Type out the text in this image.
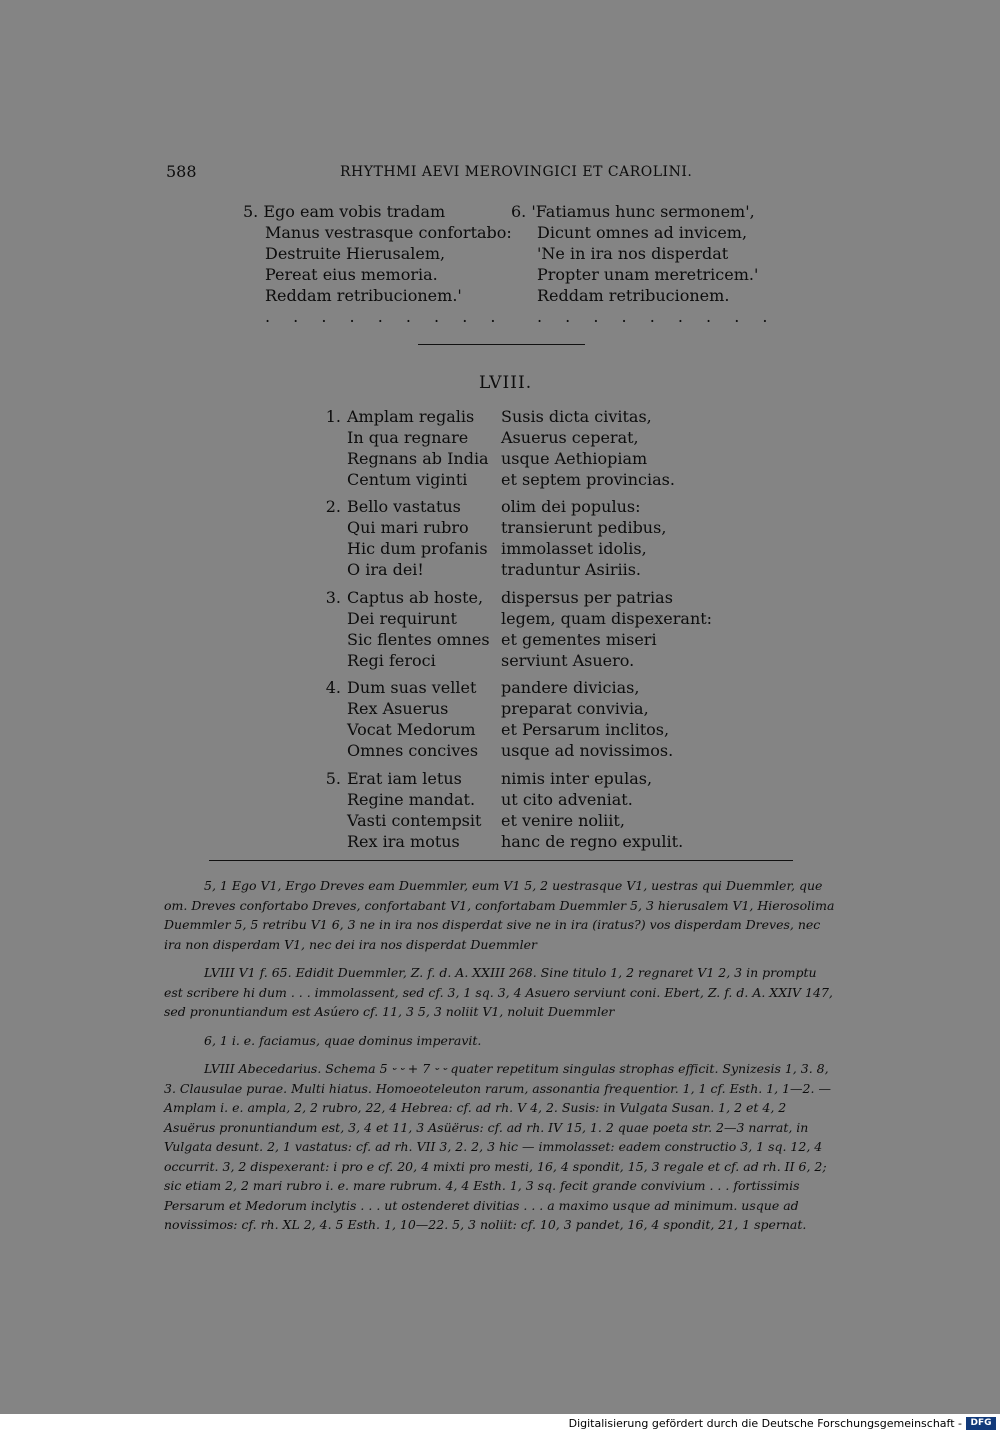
588	RHYTHMI AEVI MEROVINGICI ET CAROLINI.
5. Ego eam vobis tradam
Manus vestrasque confortabo:
Destruite Hierusalem,
Pereat eius memoria.
Reddam retribucionem.'
. . . . . . . . .
6. 'Fatiamus hunc sermonem',
Dicunt omnes ad invicem,
'Ne in ira nos disperdat
Propter unam meretricem.'
Reddam retribucionem.
. . . . . . . . .
LVIII.
1. Amplam regalis
In qua regnare
Regnans ab India
Centum viginti
Susis dicta civitas,
Asuerus ceperat,
usque Aethiopiam
et septem provincias.
2. Bello vastatus
Qui mari rubro
Hic dum profanis
O ira dei!
olim dei populus:
transierunt pedibus,
immolasset idolis,
traduntur Asiriis.
3. Captus ab hoste,
Dei requirunt
Sic flentes omnes
Regi feroci
dispersus per patrias
legem, quam dispexerant:
et gementes miseri
serviunt Asuero.
4. Dum suas vellet
Rex Asuerus
Vocat Medorum
Omnes concives
pandere divicias,
preparat convivia,
et Persarum inclitos,
usque ad novissimos.
5. Erat iam letus
Regine mandat.
Vasti contempsit
Rex ira motus
nimis inter epulas,
ut cito adveniat.
et venire noliit,
hanc de regno expulit.

5, 1 Ego V1, Ergo Dreves eam Duemmler, eum V1 5, 2 uestrasque V1, uestras qui Duemmler, que om. Dreves confortabo Dreves, confortabant V1, confortabam Duemmler 5, 3 hierusalem V1, Hierosolima Duemmler 5, 5 retribu V1 6, 3 ne in ira nos disperdat sive ne in ira (iratus?) vos disperdam Dreves, nec ira non disperdam V1, nec dei ira nos disperdat Duemmler

LVIII V1 f. 65. Edidit Duemmler, Z. f. d. A. XXIII 268. Sine titulo 1, 2 regnaret V1 2, 3 in promptu est scribere hi dum . . . immolassent, sed cf. 3, 1 sq. 3, 4 Asuero serviunt coni. Ebert, Z. f. d. A. XXIV 147, sed pronuntiandum est Asúero cf. 11, 3 5, 3 noliit V1, noluit Duemmler

6, 1 i. e. faciamus, quae dominus imperavit.

LVIII Abecedarius. Schema 5 ⏑ ⏑ + 7 ⏑ ⏑ quater repetitum singulas strophas efficit. Synizesis 1, 3. 8, 3. Clausulae purae. Multi hiatus. Homoeoteleuton rarum, assonantia frequentior. 1, 1 cf. Esth. 1, 1—2. — Amplam i. e. ampla, 2, 2 rubro, 22, 4 Hebrea: cf. ad rh. V 4, 2. Susis: in Vulgata Susan. 1, 2 et 4, 2 Asuërus pronuntiandum est, 3, 4 et 11, 3 Asüërus: cf. ad rh. IV 15, 1. 2 quae poeta str. 2—3 narrat, in Vulgata desunt. 2, 1 vastatus: cf. ad rh. VII 3, 2. 2, 3 hic — immolasset: eadem constructio 3, 1 sq. 12, 4 occurrit. 3, 2 dispexerant: i pro e cf. 20, 4 mixti pro mesti, 16, 4 spondit, 15, 3 regale et cf. ad rh. II 6, 2; sic etiam 2, 2 mari rubro i. e. mare rubrum. 4, 4 Esth. 1, 3 sq. fecit grande convivium . . . fortissimis Persarum et Medorum inclytis . . . ut ostenderet divitias . . . a maximo usque ad minimum. usque ad novissimos: cf. rh. XL 2, 4. 5 Esth. 1, 10—22. 5, 3 noliit: cf. 10, 3 pandet, 16, 4 spondit, 21, 1 spernat.

Digitalisierung gefördert durch die Deutsche Forschungsgemeinschaft - DFG
